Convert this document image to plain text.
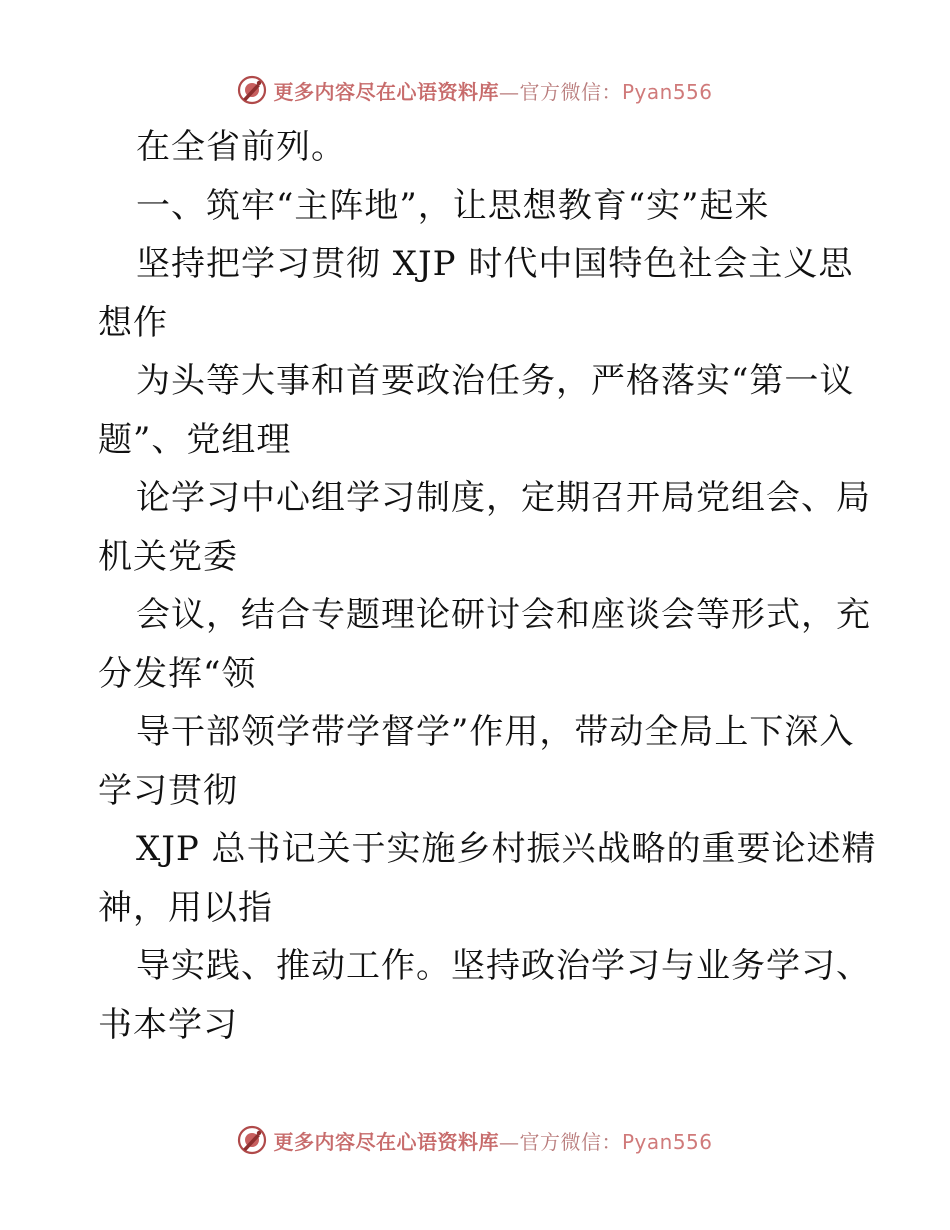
更多内容尽在心语资料库—官方微信：Pyan556
在全省前列。
一、筑牢“主阵地”，让思想教育“实”起来
坚持把学习贯彻 XJP 时代中国特色社会主义思
想作
为头等大事和首要政治任务，严格落实“第一议
题”、党组理
论学习中心组学习制度，定期召开局党组会、局
机关党委
会议，结合专题理论研讨会和座谈会等形式，充
分发挥“领
导干部领学带学督学”作用，带动全局上下深入
学习贯彻
XJP 总书记关于实施乡村振兴战略的重要论述精
神，用以指
导实践、推动工作。坚持政治学习与业务学习、
书本学习
更多内容尽在心语资料库—官方微信：Pyan556
